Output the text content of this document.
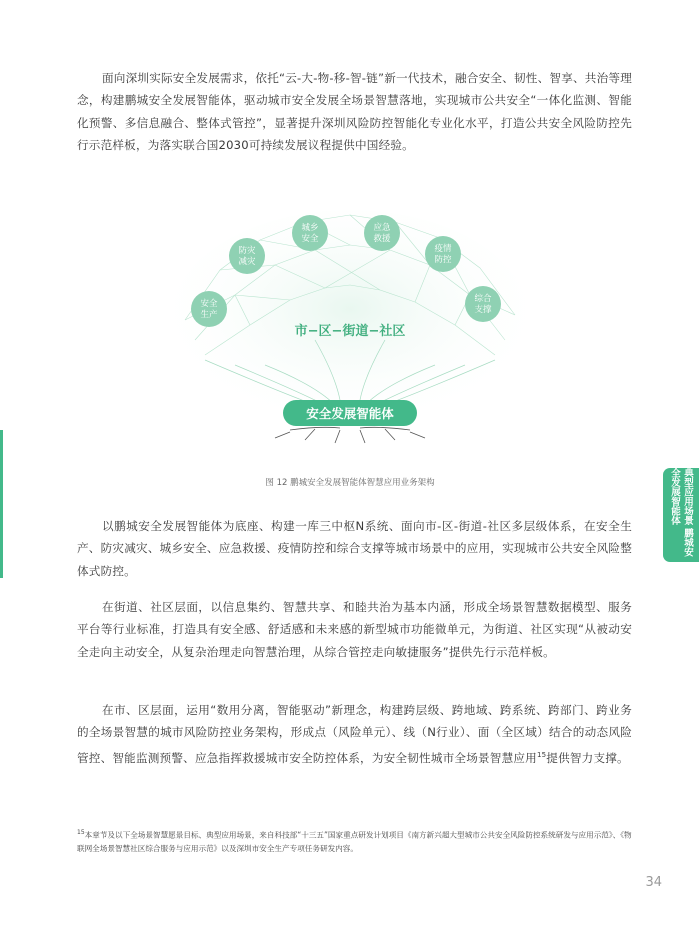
面向深圳实际安全发展需求，依托“云-大-物-移-智-链”新一代技术，融合安全、韧性、智享、共治等理念，构建鹏城安全发展智能体，驱动城市安全发展全场景智慧落地，实现城市公共安全“一体化监测、智能化预警、多信息融合、整体式管控”，显著提升深圳风险防控智能化专业化水平，打造公共安全风险防控先行示范样板，为落实联合国2030可持续发展议程提供中国经验。

安全发展智能体
市−区−街道−社区
安全
生产
防灾
减灾
城乡
安全
应急
救援
疫情
防控
综合
支撑
图 12 鹏城安全发展智能体智慧应用业务架构

以鹏城安全发展智能体为底座、构建一库三中枢N系统、面向市-区-街道-社区多层级体系，在安全生产、防灾减灾、城乡安全、应急救援、疫情防控和综合支撑等城市场景中的应用，实现城市公共安全风险整体式防控。

在街道、社区层面，以信息集约、智慧共享、和睦共治为基本内涵，形成全场景智慧数据模型、服务平台等行业标准，打造具有安全感、舒适感和未来感的新型城市功能微单元，为街道、社区实现“从被动安全走向主动安全，从复杂治理走向智慧治理，从综合管控走向敏捷服务”提供先行示范样板。

在市、区层面，运用“数用分离，智能驱动”新理念，构建跨层级、跨地域、跨系统、跨部门、跨业务的全场景智慧的城市风险防控业务架构，形成点（风险单元）、线（N行业）、面（全区域）结合的动态风险管控、智能监测预警、应急指挥救援城市安全防控体系，为安全韧性城市全场景智慧应用$^{15}$提供智力支撑。

典型应用场景 鹏城安全发展智能体
$^{15}$本章节及以下全场景智慧愿景目标、典型应用场景，来自科技部“十三五”国家重点研发计划项目《南方新兴超大型城市公共安全风险防控系统研发与应用示范》、《物联网全场景智慧社区综合服务与应用示范》以及深圳市安全生产专项任务研发内容。
34
